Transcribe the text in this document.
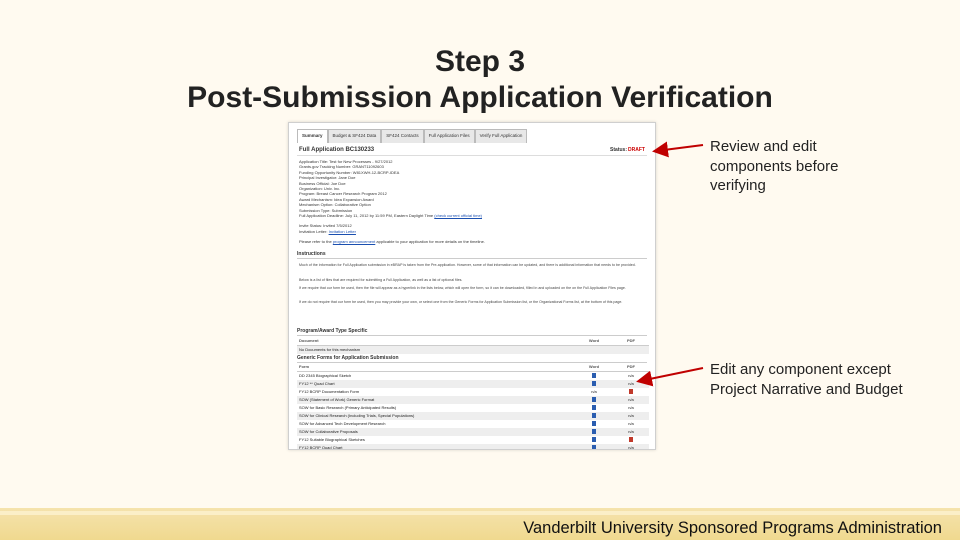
Step 3
Post-Submission Application Verification
Summary	Budget & SF424 Data	SF424 Contacts	Full Application Files	Verify Full Application
Full Application BC130233	Status: DRAFT
Application Title: Test for New Processes - 9/27/2012
Grants.gov Tracking Number: GRANT11092603
Funding Opportunity Number: W81XWH-12-BCRP-IDEA
Principal Investigator: Jane Doe
Business Official: Joe Doe
Organization: Univ. Inc.
Program: Breast Cancer Research Program 2012
Award Mechanism: Idea Expansion Award
Mechanism Option: Collaborative Option
Submission Type: Submission
Full Application Deadline: July 11, 2012 by 11:59 PM, Eastern Daylight Time (check current official time)
Invite Status: Invited 7/5/2012
Invitation Letter: Invitation Letter
Please refer to the program announcement applicable to your application for more details on the timeline.
Instructions
Much of the information for Full Application submission in eBRAP is taken from the Pre-application. However, some of that information can be updated, and there is additional information that needs to be provided.
Below is a list of files that are required for submitting a Full Application, as well as a list of optional files.
If we require that our form be used, then the file will appear as a hyperlink in the lists below, which will open the form, so it can be downloaded, filled in and uploaded on the on the Full Application Files page.
If we do not require that our form be used, then you may provide your own, or select one from the Generic Forms for Application Submission list, or the Organizational Forms list, at the bottom of this page.
Program/Award Type Specific
Document	Word	PDF
No Documents for this mechanism
Generic Forms for Application Submission
Form	Word	PDF
DD 2345 Biographical Sketch	n/a
FY12 ** Quad Chart	n/a
FY12 BCRP Documentation Form	n/a
SOW (Statement of Work) Generic Format	n/a
SOW for Basic Research (Primary Anticipated Results)	n/a
SOW for Clinical Research (Including Trials, Special Populations)	n/a
SOW for Advanced Tech Development Research	n/a
SOW for Collaborative Proposals	n/a
FY12 Suitable Biographical Sketches
FY12 BCRP Quad Chart	n/a
Review and edit components before verifying
Edit any component except Project Narrative and Budget
Vanderbilt University Sponsored Programs Administration
